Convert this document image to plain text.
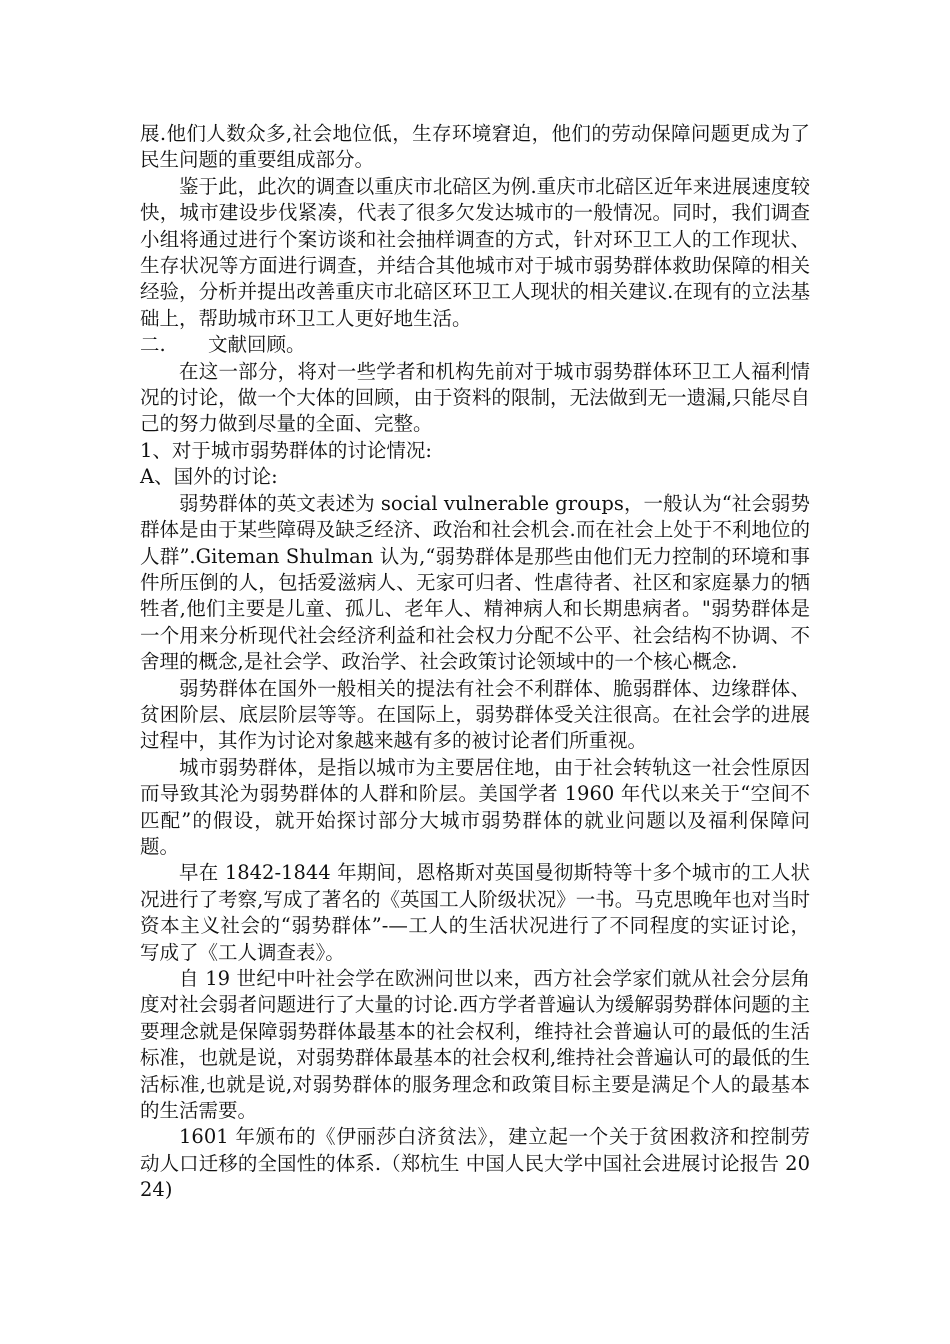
展.他们人数众多,社会地位低，生存环境窘迫，他们的劳动保障问题更成为了民生问题的重要组成部分。

鉴于此，此次的调查以重庆市北碚区为例.重庆市北碚区近年来进展速度较快，城市建设步伐紧凑，代表了很多欠发达城市的一般情况。同时，我们调查小组将通过进行个案访谈和社会抽样调查的方式，针对环卫工人的工作现状、生存状况等方面进行调查，并结合其他城市对于城市弱势群体救助保障的相关经验，分析并提出改善重庆市北碚区环卫工人现状的相关建议.在现有的立法基础上，帮助城市环卫工人更好地生活。

二. 文献回顾。

在这一部分，将对一些学者和机构先前对于城市弱势群体环卫工人福利情况的讨论，做一个大体的回顾，由于资料的限制，无法做到无一遗漏,只能尽自己的努力做到尽量的全面、完整。

1、对于城市弱势群体的讨论情况:

A、国外的讨论:

弱势群体的英文表述为 social vulnerable groups，一般认为“社会弱势群体是由于某些障碍及缺乏经济、政治和社会机会.而在社会上处于不利地位的人群”.Giteman Shulman 认为,“弱势群体是那些由他们无力控制的环境和事件所压倒的人，包括爱滋病人、无家可归者、性虐待者、社区和家庭暴力的牺牲者,他们主要是儿童、孤儿、老年人、精神病人和长期患病者。"弱势群体是一个用来分析现代社会经济利益和社会权力分配不公平、社会结构不协调、不舍理的概念,是社会学、政治学、社会政策讨论领域中的一个核心概念.

弱势群体在国外一般相关的提法有社会不利群体、脆弱群体、边缘群体、贫困阶层、底层阶层等等。在国际上，弱势群体受关注很高。在社会学的进展过程中，其作为讨论对象越来越有多的被讨论者们所重视。

城市弱势群体，是指以城市为主要居住地，由于社会转轨这一社会性原因而导致其沦为弱势群体的人群和阶层。美国学者 1960 年代以来关于“空间不匹配”的假设，就开始探讨部分大城市弱势群体的就业问题以及福利保障问题。

早在 1842-1844 年期间，恩格斯对英国曼彻斯特等十多个城市的工人状况进行了考察,写成了著名的《英国工人阶级状况》一书。马克思晚年也对当时资本主义社会的“弱势群体”-—工人的生活状况进行了不同程度的实证讨论，写成了《工人调查表》。

自 19 世纪中叶社会学在欧洲问世以来，西方社会学家们就从社会分层角度对社会弱者问题进行了大量的讨论.西方学者普遍认为缓解弱势群体问题的主要理念就是保障弱势群体最基本的社会权利，维持社会普遍认可的最低的生活标准，也就是说，对弱势群体最基本的社会权利,维持社会普遍认可的最低的生活标准,也就是说,对弱势群体的服务理念和政策目标主要是满足个人的最基本的生活需要。

1601 年颁布的《伊丽莎白济贫法》，建立起一个关于贫困救济和控制劳动人口迁移的全国性的体系.（郑杭生 中国人民大学中国社会进展讨论报告 2024)
